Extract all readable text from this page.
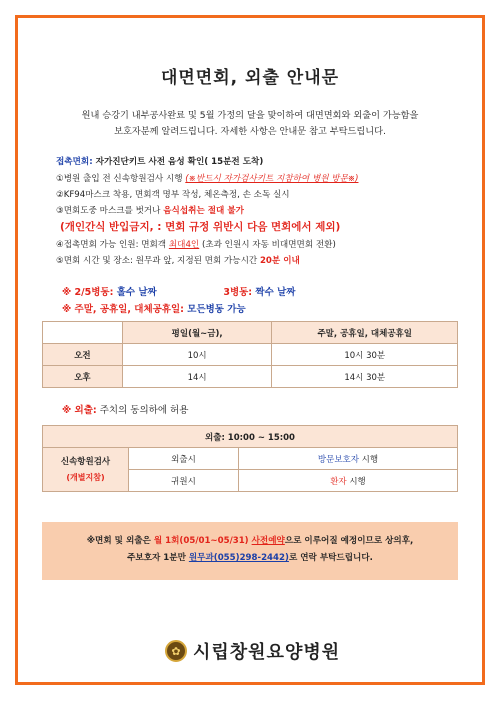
대면면회, 외출 안내문
원내 승강기 내부공사완료 및 5월 가정의 달을 맞이하여 대면면회와 외출이 가능함을
보호자분께 알려드립니다. 자세한 사항은 안내문 참고 부탁드립니다.
접촉면회: 자가진단키트 사전 음성 확인( 15분전 도착)
①병원 출입 전 신속항원검사 시행 (※반드시 자가검사키트 지참하여 병원 방문※)
②KF94마스크 착용, 면회객 명부 작성, 체온측정, 손 소독 실시
③면회도중 마스크를 벗거나 음식섭취는 절대 불가
(개인간식 반입금지, : 면회 규정 위반시 다음 면회에서 제외)
④접촉면회 가능 인원: 면회객 최대4인 (초과 인원시 자동 비대면면회 전환)
⑤면회 시간 및 장소: 원무과 앞, 지정된 면회 가능시간 20분 이내
※ 2/5병동: 홀수 날짜	3병동: 짝수 날짜
※ 주말, 공휴일, 대체공휴일: 모든병동 가능
	평일(월~금),	주말, 공휴일, 대체공휴일
오전	10시	10시 30분
오후	14시	14시 30분
※ 외출: 주치의 동의하에 허용
외출: 10:00 ~ 15:00		

신속항원검사
(개별지참)	외출시	방문보호자 시행
	귀원시	환자 시행
※면회 및 외출은 월 1회(05/01~05/31) 사전예약으로 이루어질 예정이므로 상의후,
주보호자 1분만 원무과(055)298-2442)로 연락 부탁드립니다.
✿ 시립창원요양병원
